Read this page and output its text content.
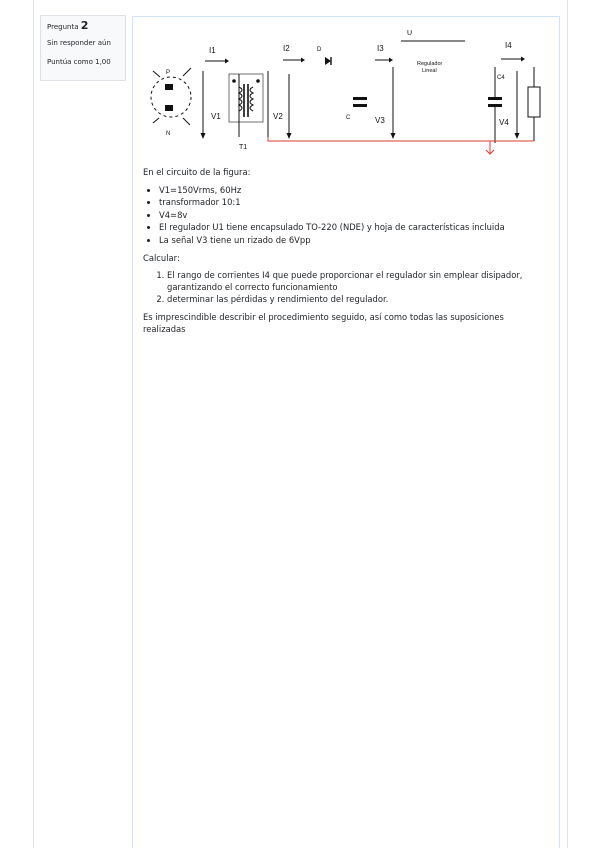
Pregunta 2
Sin responder aún
Puntúa como 1,00
P
N
I1
V1
T1
V2
I2	D
C
I3
V3
U
Regulador
Lineal
I4
C4
V4

En el circuito de la figura:

• V1=150Vrms, 60Hz
• transformador 10:1
• V4=8v
• El regulador U1 tiene encapsulado TO-220 (NDE) y hoja de características incluida
• La señal V3 tiene un rizado de 6Vpp

Calcular:

1. El rango de corrientes I4 que puede proporcionar el regulador sin emplear disipador, garantizando el correcto funcionamiento
2. determinar las pérdidas y rendimiento del regulador.

Es imprescindible describir el procedimiento seguido, así como todas las suposiciones realizadas
